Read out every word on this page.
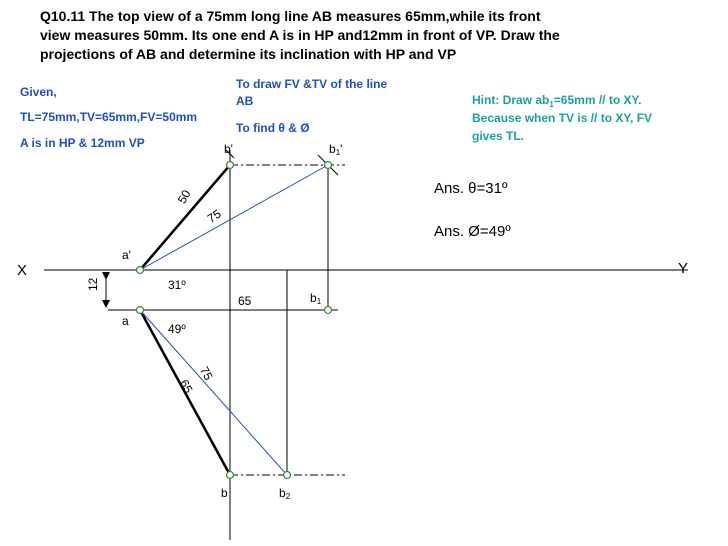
Q10.11 The top view of a 75mm long line AB measures 65mm,while its front
view measures 50mm. Its one end A is in HP and12mm in front of VP. Draw the
projections of AB and determine its inclination with HP and VP
Given,
TL=75mm,TV=65mm,FV=50mm
A is in HP & 12mm VP
To draw FV &TV of the line
AB
To find θ & Ø
Hint: Draw $ab_1=65mm$ // to XY.
Because when TV is // to XY, FV
gives TL.
Ans. θ=31º
Ans. Ø=49º
X	Y
12
a'
a
b'	b1'
b1
b	b2
31º
49º
65
50
75
75
65
